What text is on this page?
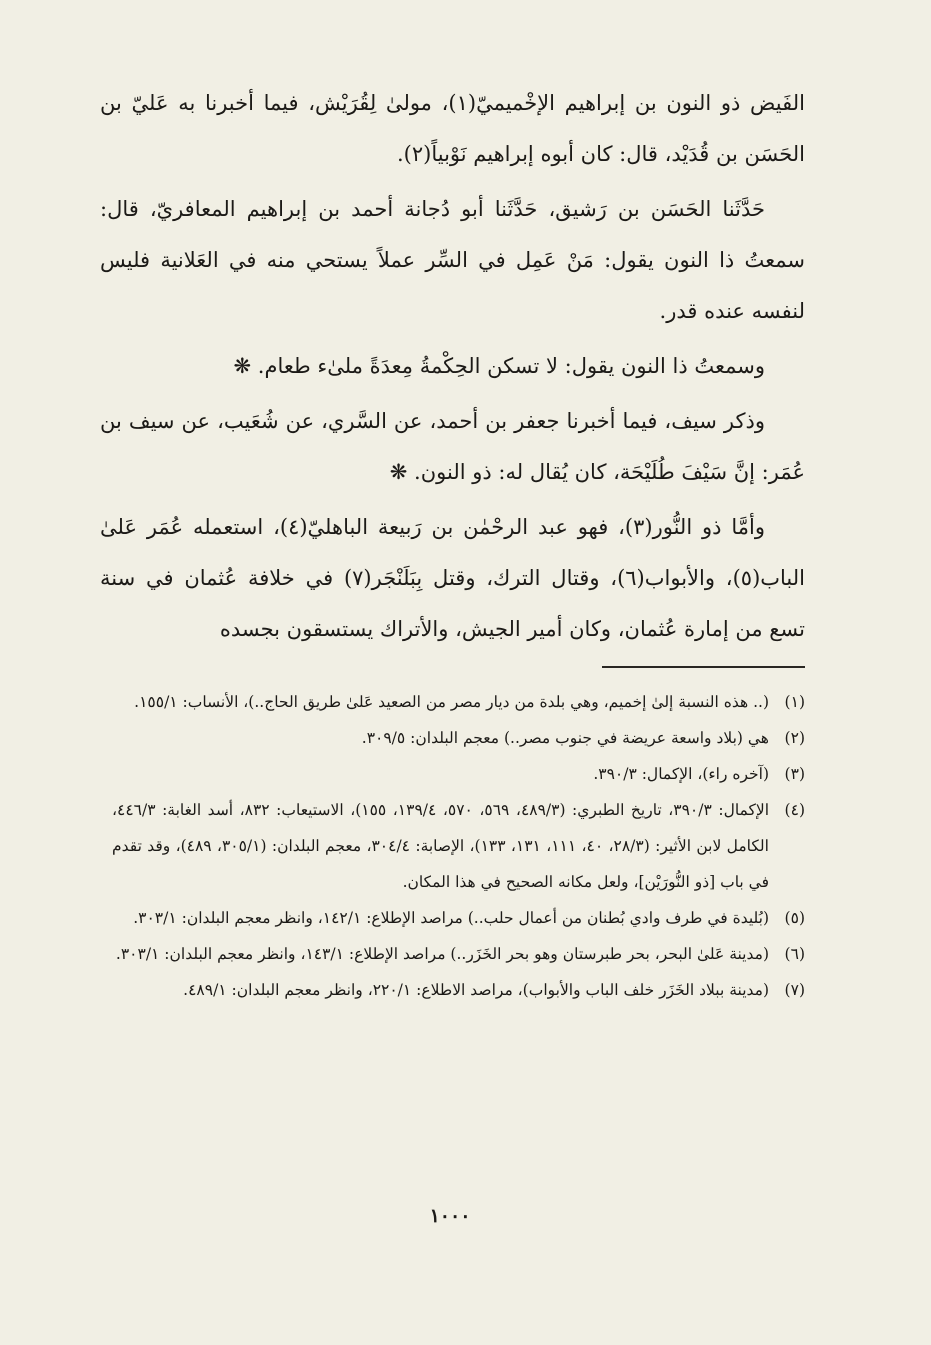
الفَيض ذو النون بن إبراهيم الإخْميميّ(١)، مولىٰ لِقُرَيْش، فيما أخبرنا به عَليّ بن الحَسَن بن قُدَيْد، قال: كان أبوه إبراهيم نَوْبياً(٢).

حَدَّثَنا الحَسَن بن رَشيق، حَدَّثَنا أبو دُجانة أحمد بن إبراهيم المعافريّ، قال: سمعتُ ذا النون يقول: مَنْ عَمِل في السِّر عملاً يستحي منه في العَلانية فليس لنفسه عنده قدر.

وسمعتُ ذا النون يقول: لا تسكن الحِكْمةُ مِعدَةً ملىٰء طعام. ❋

وذكر سيف، فيما أخبرنا جعفر بن أحمد، عن السَّري، عن شُعَيب، عن سيف بن عُمَر: إنَّ سَيْفَ طُلَيْحَة، كان يُقال له: ذو النون. ❋

وأمَّا ذو النُّور(٣)، فهو عبد الرحْمٰن بن رَبيعة الباهليّ(٤)، استعمله عُمَر عَلىٰ الباب(٥)، والأبواب(٦)، وقتال الترك، وقتل بِبَلَنْجَر(٧) في خلافة عُثمان في سنة تسع من إمارة عُثمان، وكان أمير الجيش، والأتراك يستسقون بجسده

(١)
(.. هذه النسبة إلىٰ إخميم، وهي بلدة من ديار مصر من الصعيد عَلىٰ طريق الحاج..)، الأنساب: ١٥٥/١.
(٢)
هي (بلاد واسعة عريضة في جنوب مصر..) معجم البلدان: ٣٠٩/٥.
(٣)
(آخره راء)، الإكمال: ٣٩٠/٣.
(٤)
الإكمال: ٣٩٠/٣، تاريخ الطبري: (٤٨٩/٣، ٥٦٩، ٥٧٠، ١٣٩/٤، ١٥٥)، الاستيعاب: ٨٣٢، أسد الغابة: ٤٤٦/٣، الكامل لابن الأثير: (٢٨/٣، ٤٠، ١١١، ١٣١، ١٣٣)، الإصابة: ٣٠٤/٤، معجم البلدان: (٣٠٥/١، ٤٨٩)، وقد تقدم في باب [ذو النُّورَيْن]، ولعل مكانه الصحيح في هذا المكان.
(٥)
(بُليدة في طرف وادي بُطنان من أعمال حلب..) مراصد الإطلاع: ١٤٢/١، وانظر معجم البلدان: ٣٠٣/١.
(٦)
(مدينة عَلىٰ البحر، بحر طبرستان وهو بحر الخَزَر..) مراصد الإطلاع: ١٤٣/١، وانظر معجم البلدان: ٣٠٣/١.
(٧)
(مدينة ببلاد الخَزَر خلف الباب والأبواب)، مراصد الاطلاع: ٢٢٠/١، وانظر معجم البلدان: ٤٨٩/١.
١٠٠٠
